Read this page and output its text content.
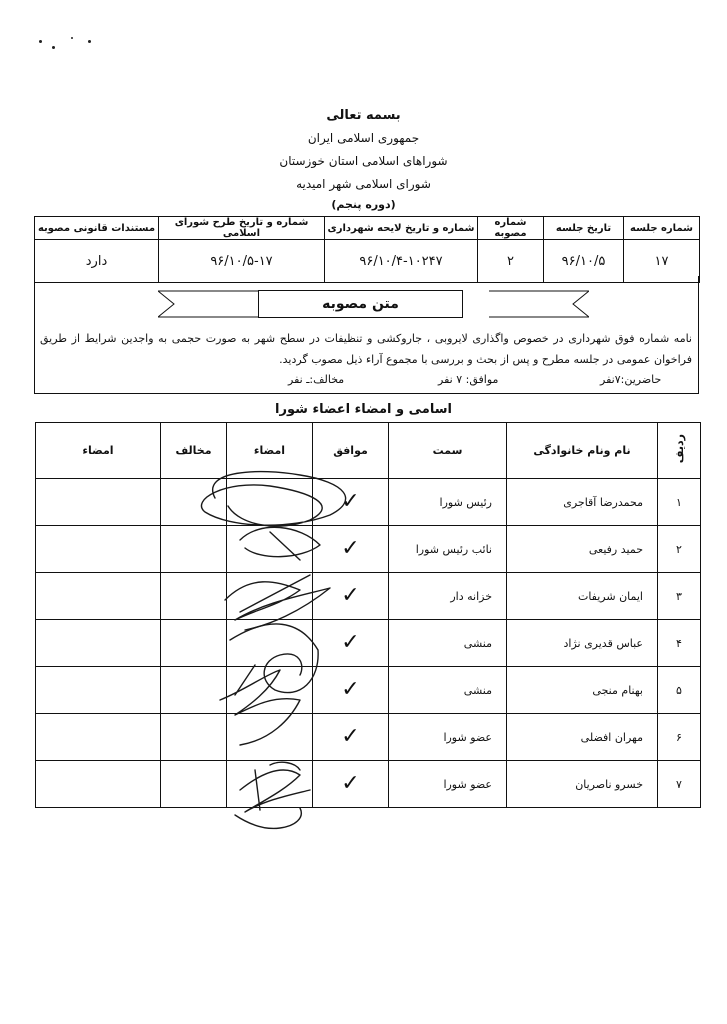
بسمه تعالی
جمهوری اسلامی ایران
شوراهای اسلامی استان خوزستان
شورای اسلامی شهر امیدیه
(دوره پنجم)
شماره جلسه	تاریخ جلسه	شماره مصوبه	شماره و تاریخ لایحه شهرداری	شماره و تاریخ طرح شورای اسلامی	مستندات قانونی مصوبه
۱۷	۹۶/۱۰/۵	۲	۹۶/۱۰/۴-۱۰۲۴۷	۹۶/۱۰/۵-۱۷	دارد
متن مصوبه
نامه شماره فوق شهرداری در خصوص واگذاری لایروبی ، جاروکشی و تنظیفات در سطح شهر به صورت حجمی به واجدین شرایط از طریق فراخوان عمومی در جلسه مطرح و پس از بحث و بررسی با مجموع آراء ذیل مصوب گردید.
حاضرین:۷نفر
موافق: ۷ نفر
مخالف:ـ نفر
اسامی و امضاء اعضاء شورا
ردیف	نام ونام خانوادگی	سمت	موافق	امضاء	مخالف	امضاء
۱	محمدرضا آقاجری	رئیس شورا	✓			
۲	حمید رفیعی	نائب رئیس شورا	✓			
۳	ایمان شریفات	خزانه دار	✓			
۴	عباس قدیری نژاد	منشی	✓			
۵	بهنام منجی	منشی	✓			
۶	مهران افضلی	عضو شورا	✓			
۷	خسرو ناصریان	عضو شورا	✓			
